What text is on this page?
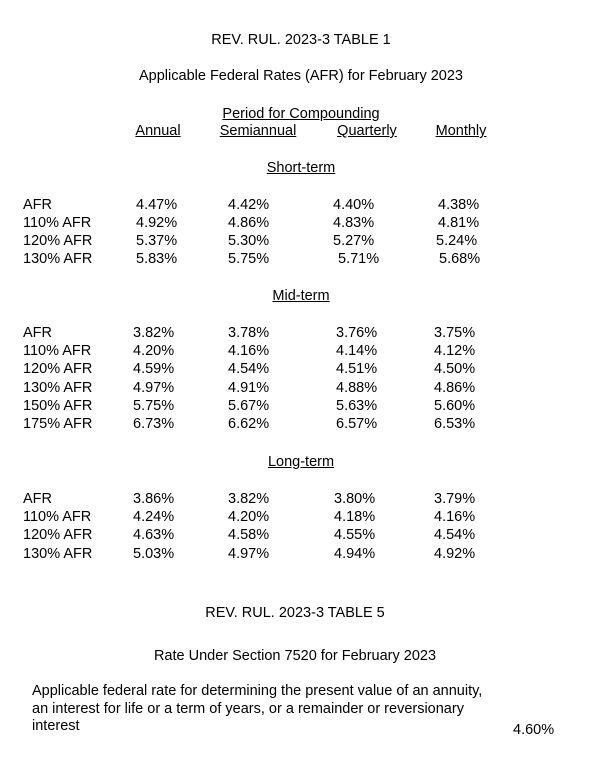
REV. RUL. 2023-3 TABLE 1
Applicable Federal Rates (AFR) for February 2023
Period for Compounding
Annual	Semiannual	Quarterly	Monthly
Short-term
AFR	4.47%	4.42%	4.40%	4.38%
110% AFR	4.92%	4.86%	4.83%	4.81%
120% AFR	5.37%	5.30%	5.27%	5.24%
130% AFR	5.83%	5.75%	5.71%	5.68%
Mid-term
AFR	3.82%	3.78%	3.76%	3.75%
110% AFR	4.20%	4.16%	4.14%	4.12%
120% AFR	4.59%	4.54%	4.51%	4.50%
130% AFR	4.97%	4.91%	4.88%	4.86%
150% AFR	5.75%	5.67%	5.63%	5.60%
175% AFR	6.73%	6.62%	6.57%	6.53%
Long-term
AFR	3.86%	3.82%	3.80%	3.79%
110% AFR	4.24%	4.20%	4.18%	4.16%
120% AFR	4.63%	4.58%	4.55%	4.54%
130% AFR	5.03%	4.97%	4.94%	4.92%
REV. RUL. 2023-3 TABLE 5
Rate Under Section 7520 for February 2023
Applicable federal rate for determining the present value of an annuity, an interest for life or a term of years, or a remainder or reversionary interest	4.60%
